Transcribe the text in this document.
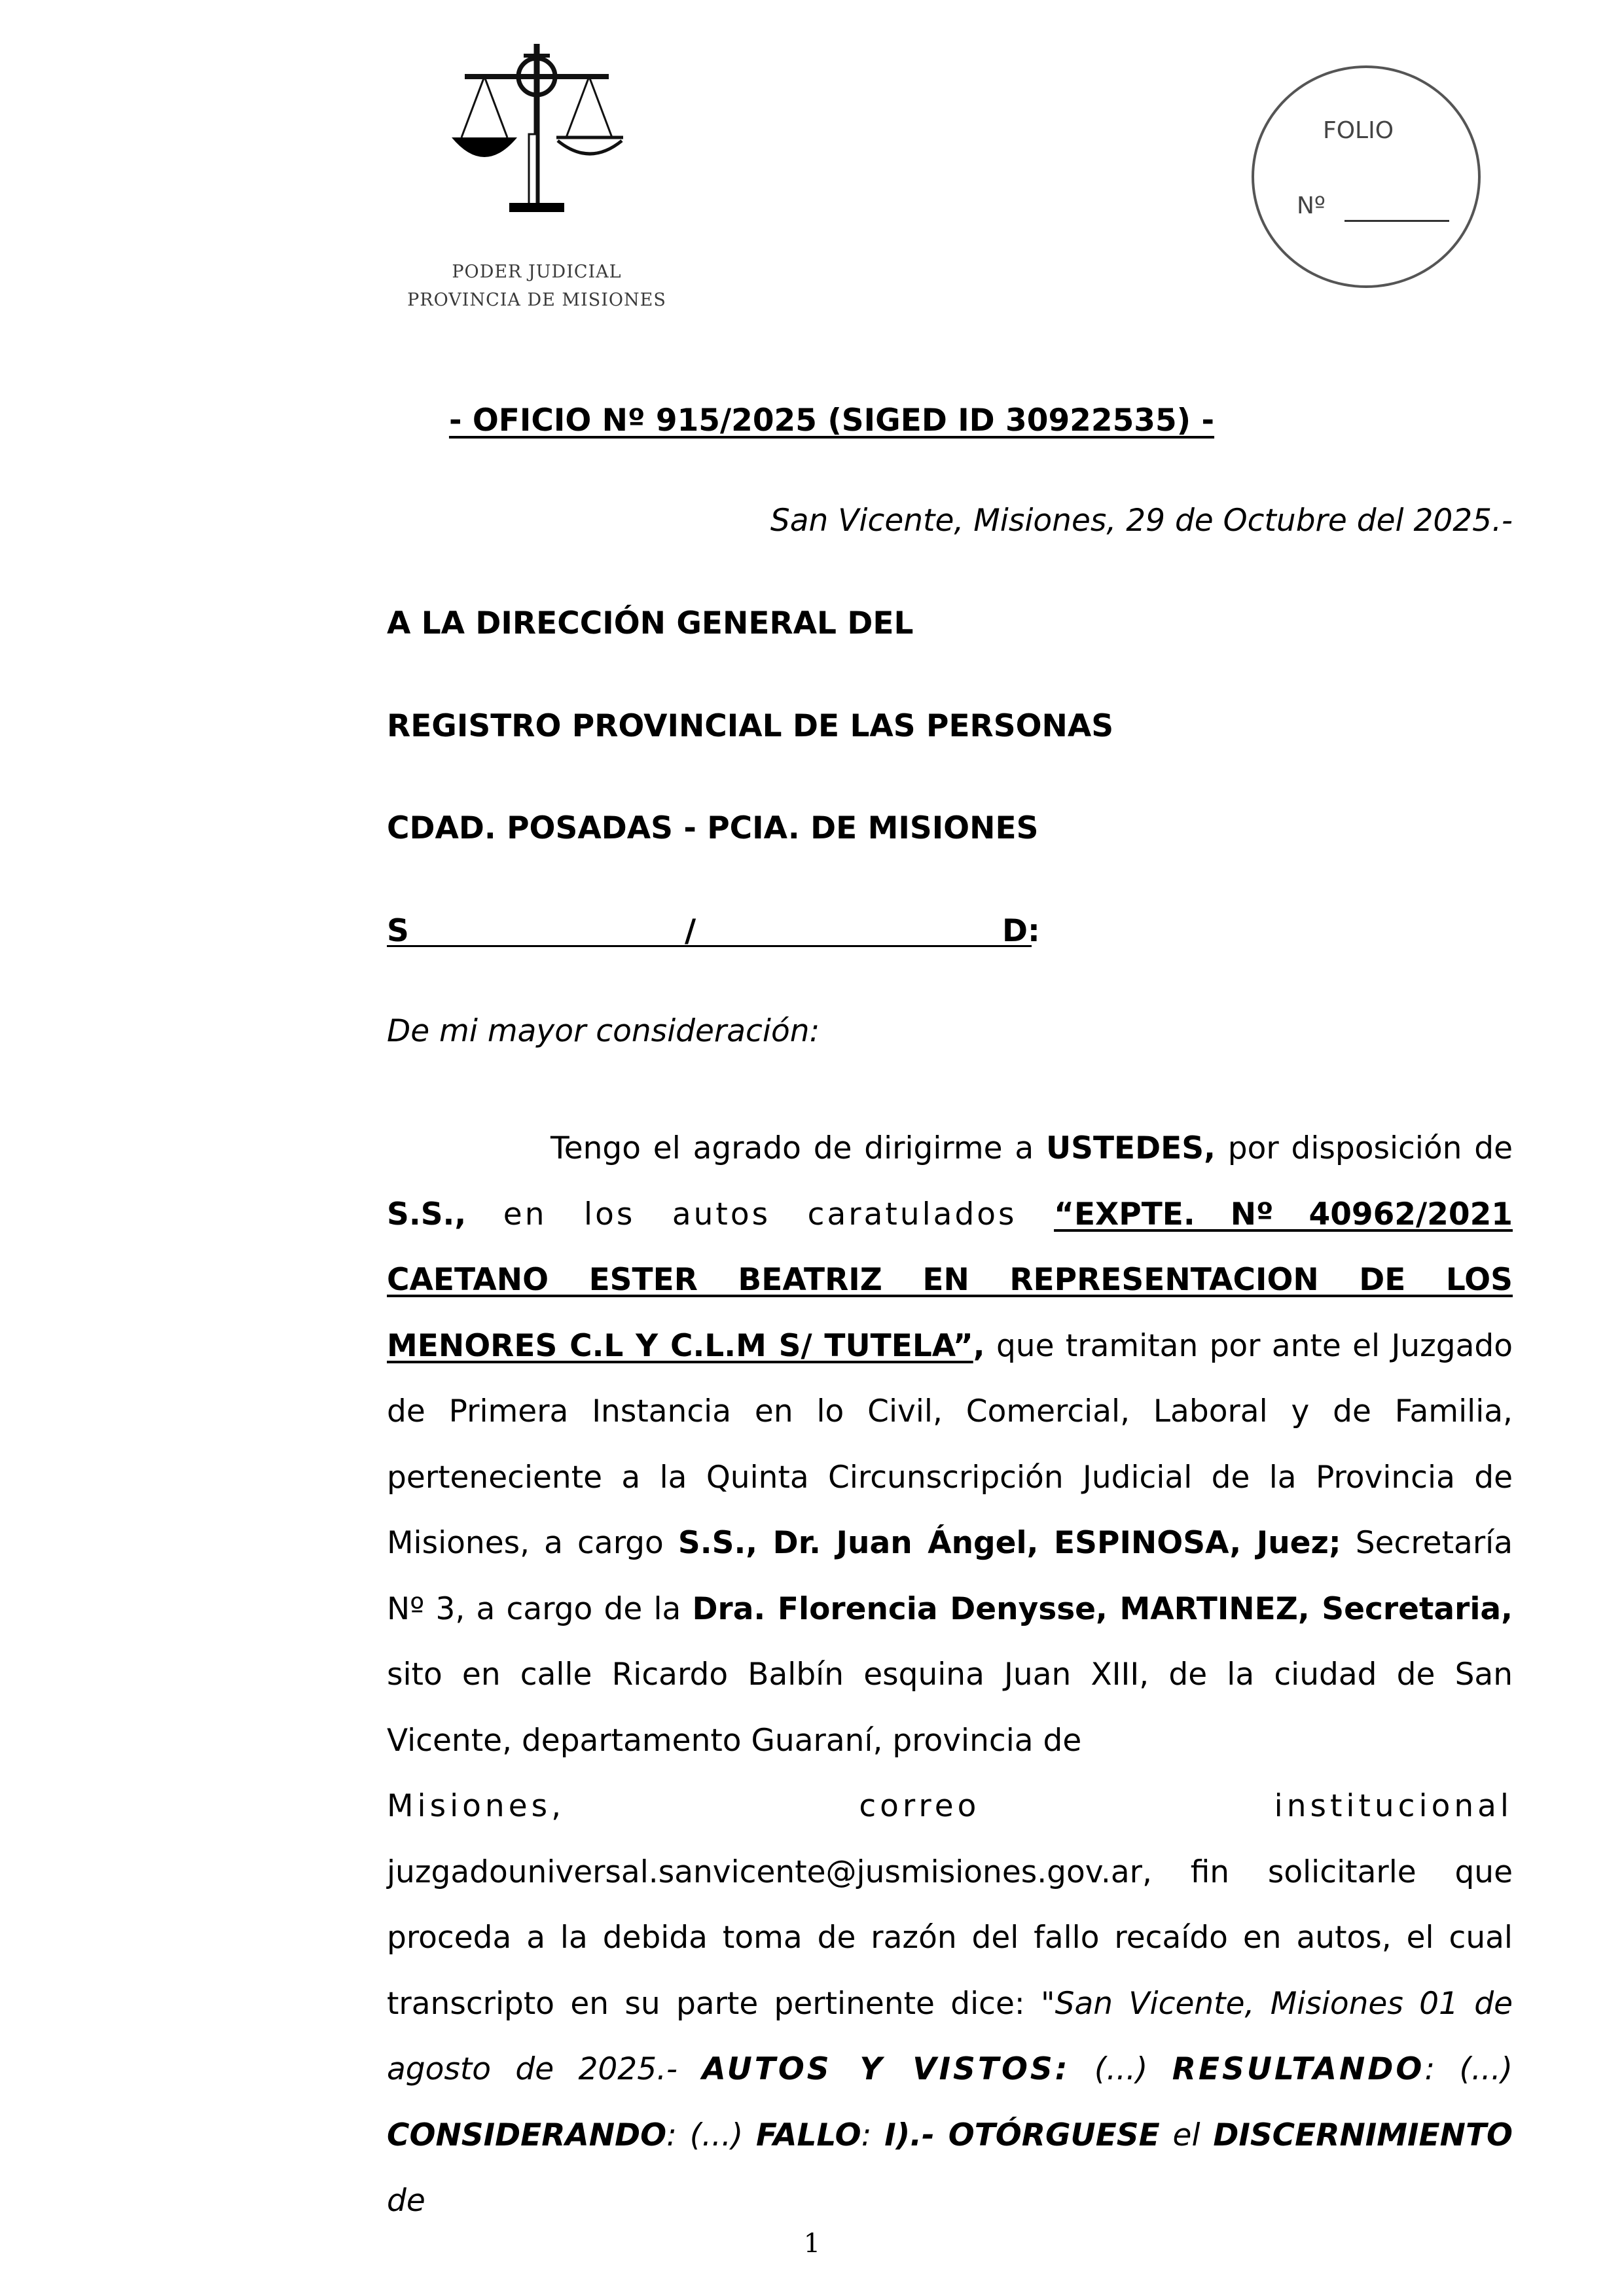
PODER JUDICIAL
PROVINCIA DE MISIONES
FOLIO
Nº
- OFICIO Nº 915/2025 (SIGED ID 30922535) -
San Vicente, Misiones, 29 de Octubre del 2025.-
A LA DIRECCIÓN GENERAL DEL
REGISTRO PROVINCIAL DE LAS PERSONAS
CDAD. POSADAS - PCIA. DE MISIONES
S	/	D:
De mi mayor consideración:

Tengo el agrado de dirigirme a USTEDES, por disposición de S.S., en los autos caratulados “EXPTE. Nº 40962/2021 CAETANO ESTER BEATRIZ EN REPRESENTACION DE LOS MENORES C.L Y C.L.M S/ TUTELA”, que tramitan por ante el Juzgado de Primera Instancia en lo Civil, Comercial, Laboral y de Familia, perteneciente a la Quinta Circunscripción Judicial de la Provincia de Misiones, a cargo S.S., Dr. Juan Ángel, ESPINOSA, Juez; Secretaría Nº 3, a cargo de la Dra. Florencia Denysse, MARTINEZ, Secretaria, sito en calle Ricardo Balbín esquina Juan XIII, de la ciudad de San Vicente, departamento Guaraní, provincia de

Misiones,	correo	institucional
juzgadouniversal.sanvicente@jusmisiones.gov.ar, fin solicitarle que proceda a la debida toma de razón del fallo recaído en autos, el cual transcripto en su parte pertinente dice: "San Vicente, Misiones 01 de agosto de 2025.- AUTOS Y VISTOS: (...) RESULTANDO: (...) CONSIDERANDO: (...) FALLO: I).- OTÓRGUESE el DISCERNIMIENTO de
1
